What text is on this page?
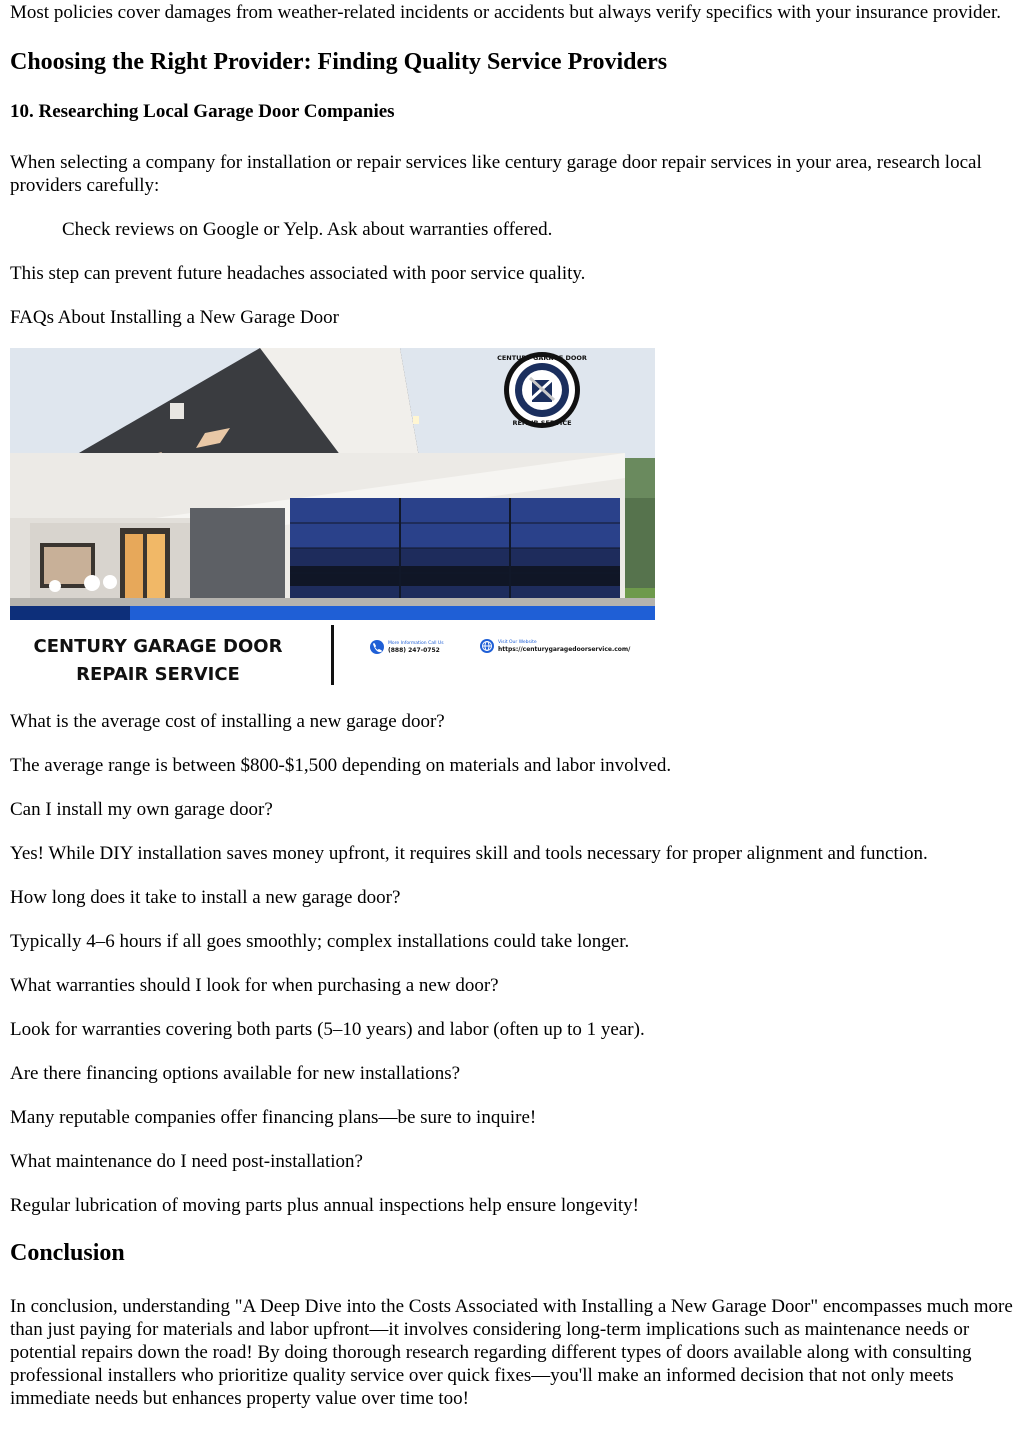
Most policies cover damages from weather-related incidents or accidents but always verify specifics with your insurance provider.

Choosing the Right Provider: Finding Quality Service Providers
10. Researching Local Garage Door Companies

When selecting a company for installation or repair services like century garage door repair services in your area, research local providers carefully:

Check reviews on Google or Yelp. Ask about warranties offered.

This step can prevent future headaches associated with poor service quality.

FAQs About Installing a New Garage Door

CENTURY GARAGE DOOR
REPAIR SERVICE
CENTURY GARAGE DOOR
REPAIR SERVICE
More Information Call Us
(888) 247-0752
Visit Our Website
https://centurygaragedoorservice.com/

What is the average cost of installing a new garage door?

The average range is between $800-$1,500 depending on materials and labor involved.

Can I install my own garage door?

Yes! While DIY installation saves money upfront, it requires skill and tools necessary for proper alignment and function.

How long does it take to install a new garage door?

Typically 4–6 hours if all goes smoothly; complex installations could take longer.

What warranties should I look for when purchasing a new door?

Look for warranties covering both parts (5–10 years) and labor (often up to 1 year).

Are there financing options available for new installations?

Many reputable companies offer financing plans—be sure to inquire!

What maintenance do I need post-installation?

Regular lubrication of moving parts plus annual inspections help ensure longevity!

Conclusion

In conclusion, understanding "A Deep Dive into the Costs Associated with Installing a New Garage Door" encompasses much more than just paying for materials and labor upfront—it involves considering long-term implications such as maintenance needs or potential repairs down the road! By doing thorough research regarding different types of doors available along with consulting professional installers who prioritize quality service over quick fixes—you'll make an informed decision that not only meets immediate needs but enhances property value over time too!
